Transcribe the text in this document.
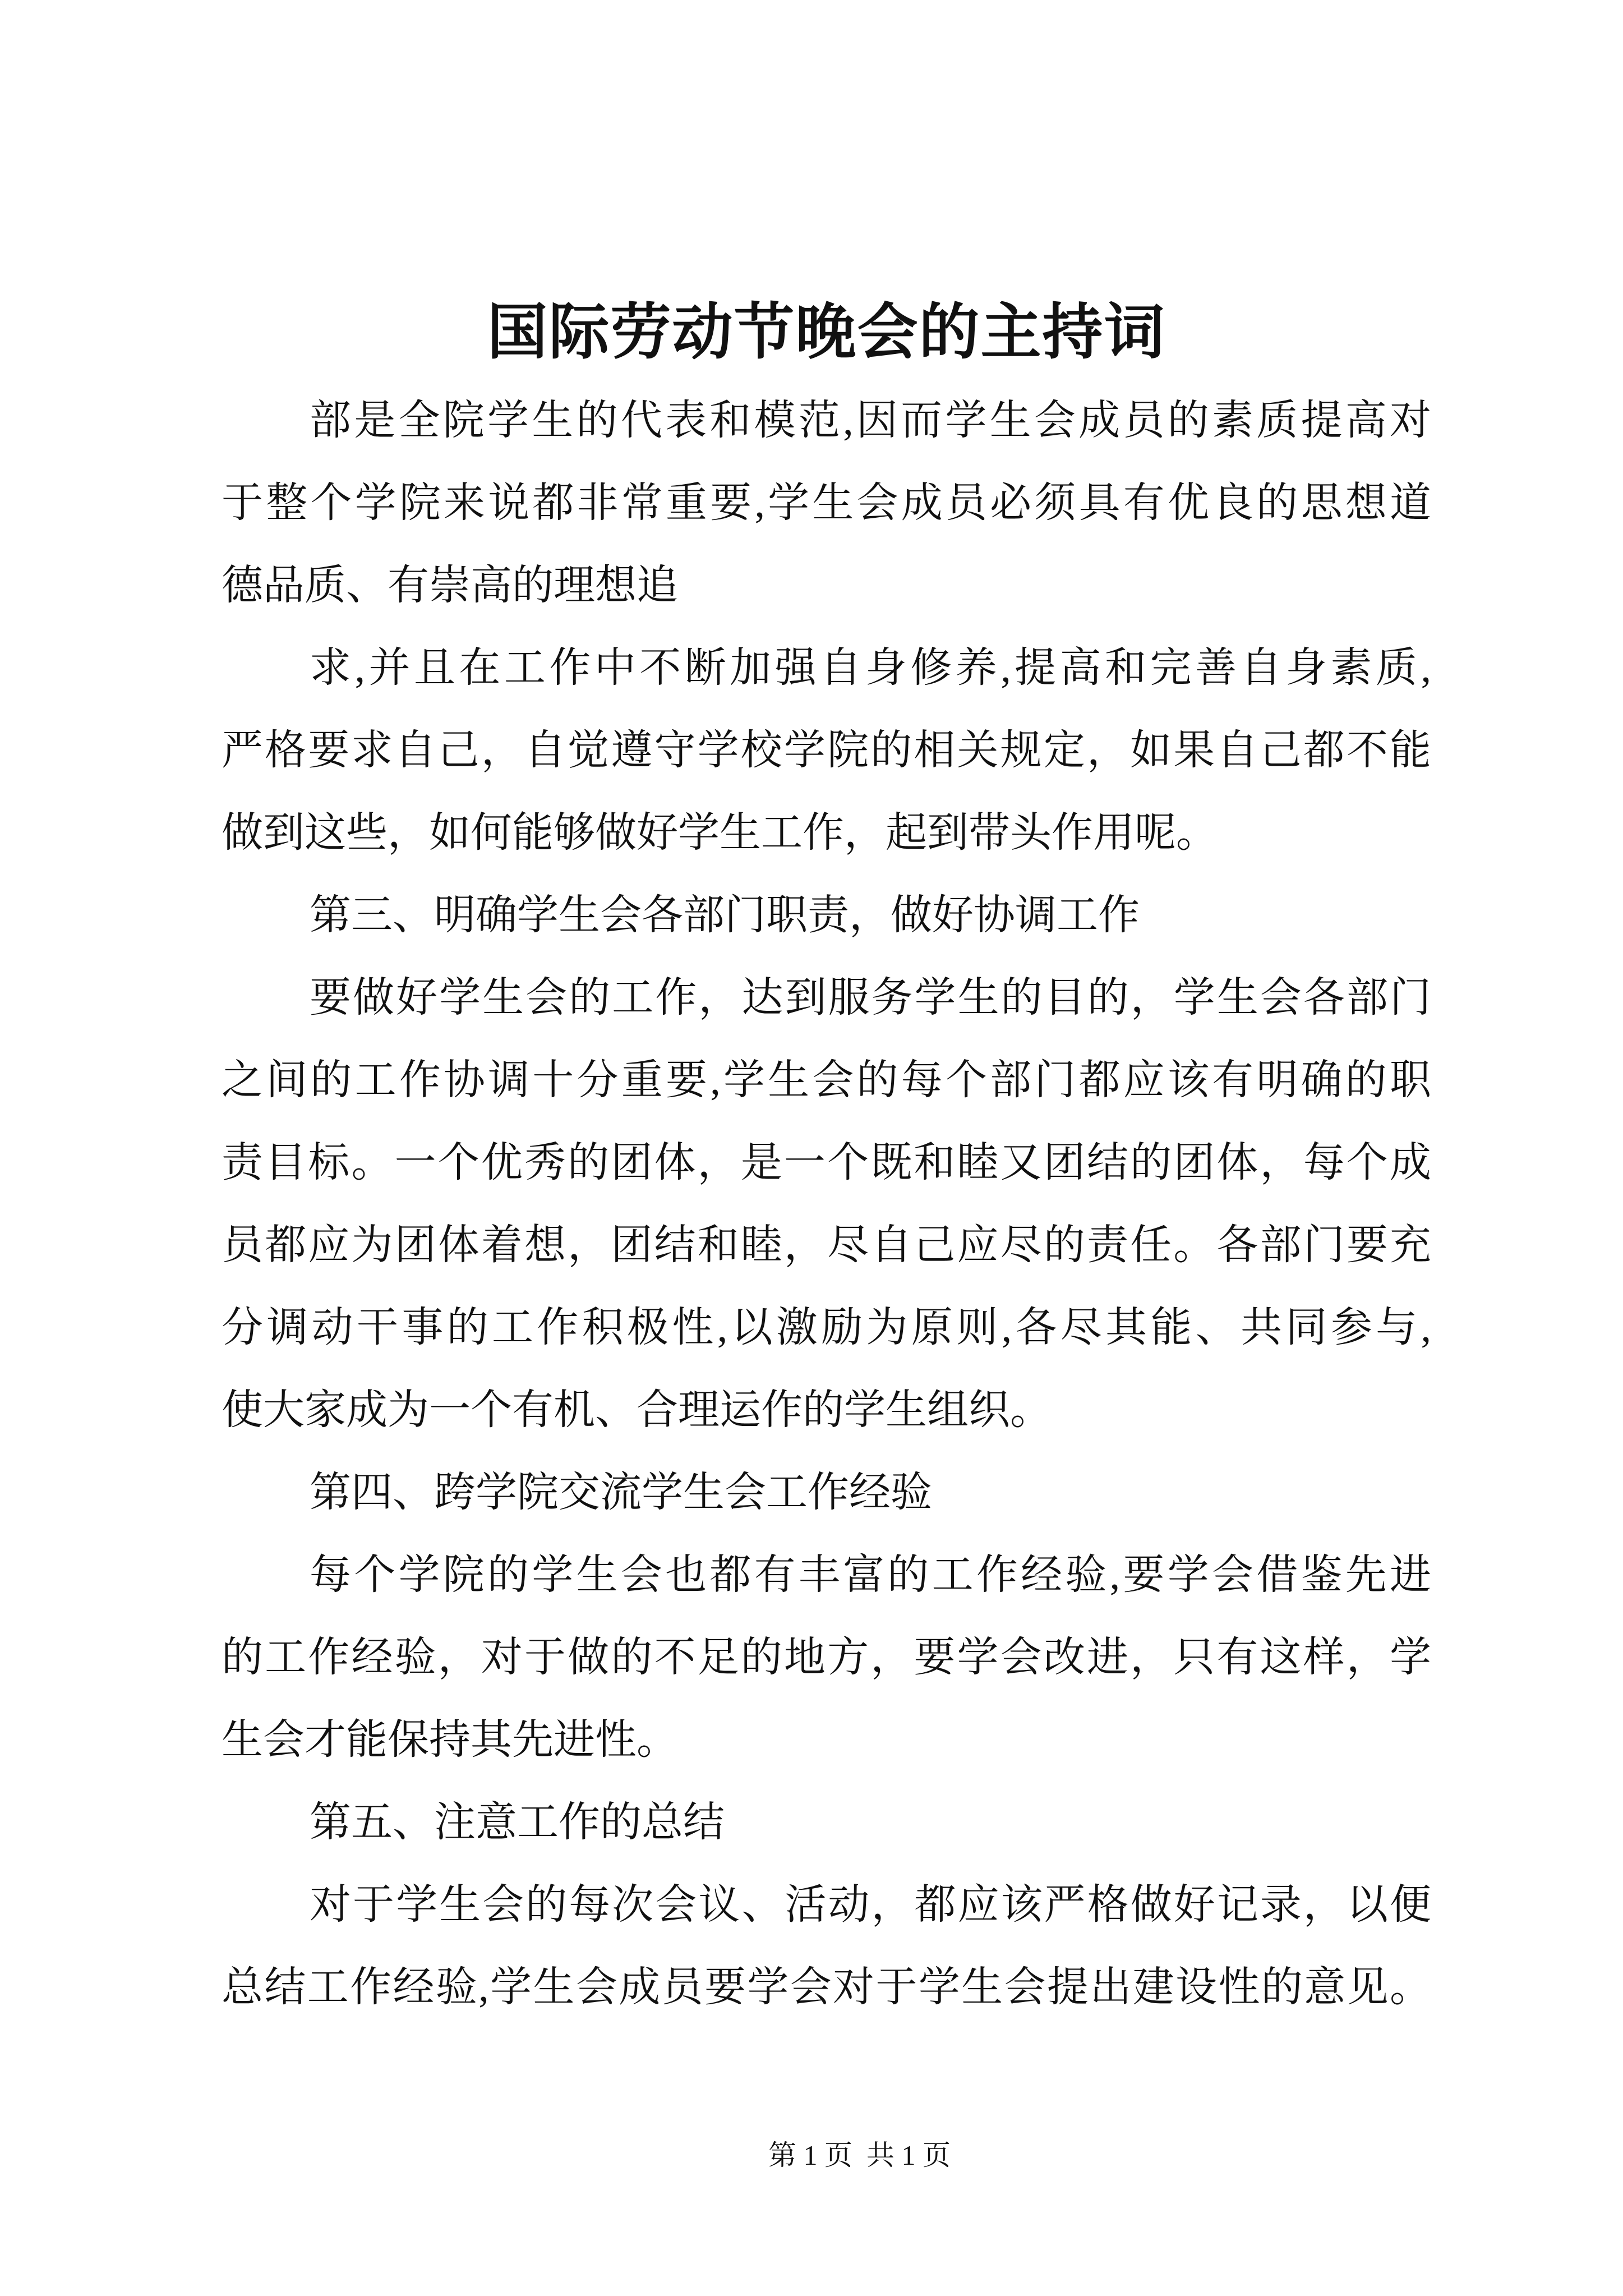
国际劳动节晚会的主持词
部是全院学生的代表和模范,因而学生会成员的素质提高对
于整个学院来说都非常重要,学生会成员必须具有优良的思想道
德品质、有崇高的理想追
求,并且在工作中不断加强自身修养,提高和完善自身素质,
严格要求自己，自觉遵守学校学院的相关规定，如果自己都不能
做到这些，如何能够做好学生工作，起到带头作用呢。
第三、明确学生会各部门职责，做好协调工作
要做好学生会的工作，达到服务学生的目的，学生会各部门
之间的工作协调十分重要,学生会的每个部门都应该有明确的职
责目标。一个优秀的团体，是一个既和睦又团结的团体，每个成
员都应为团体着想，团结和睦，尽自己应尽的责任。各部门要充
分调动干事的工作积极性,以激励为原则,各尽其能、共同参与,
使大家成为一个有机、合理运作的学生组织。
第四、跨学院交流学生会工作经验
每个学院的学生会也都有丰富的工作经验,要学会借鉴先进
的工作经验，对于做的不足的地方，要学会改进，只有这样，学
生会才能保持其先进性。
第五、注意工作的总结
对于学生会的每次会议、活动，都应该严格做好记录，以便
总结工作经验,学生会成员要学会对于学生会提出建设性的意见。
第 1 页  共 1 页
